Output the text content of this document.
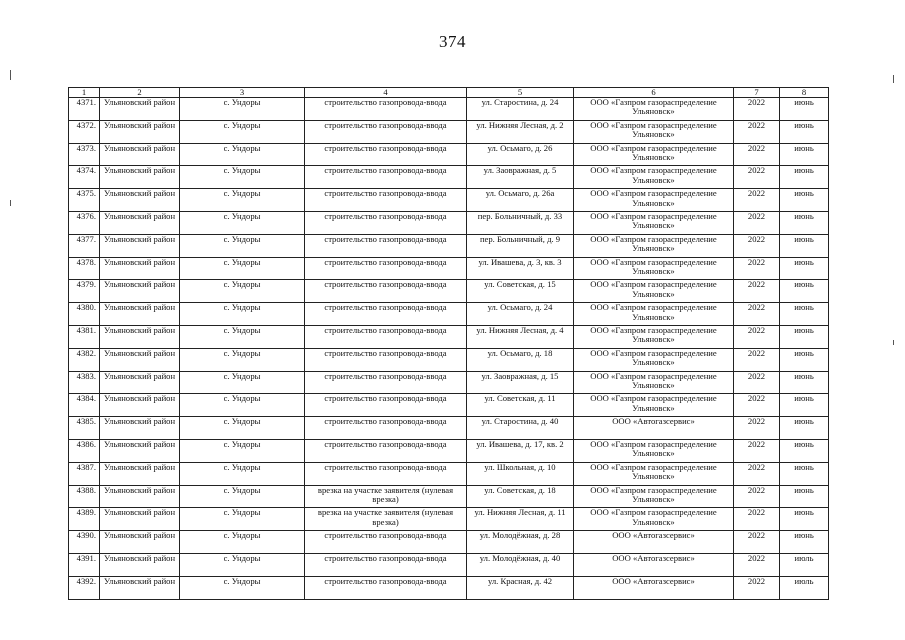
374
1	2	3	4	5	6	7	8
4371.	Ульяновский район	с. Ундоры	строительство газопровода-ввода	ул. Старостина, д. 24	ООО «Газпром газораспределение Ульяновск»	2022	июнь
4372.	Ульяновский район	с. Ундоры	строительство газопровода-ввода	ул. Нижняя Лесная, д. 2	ООО «Газпром газораспределение Ульяновск»	2022	июнь
4373.	Ульяновский район	с. Ундоры	строительство газопровода-ввода	ул. Осьмаго, д. 26	ООО «Газпром газораспределение Ульяновск»	2022	июнь
4374.	Ульяновский район	с. Ундоры	строительство газопровода-ввода	ул. Заовражная, д. 5	ООО «Газпром газораспределение Ульяновск»	2022	июнь
4375.	Ульяновский район	с. Ундоры	строительство газопровода-ввода	ул. Осьмаго, д. 26а	ООО «Газпром газораспределение Ульяновск»	2022	июнь
4376.	Ульяновский район	с. Ундоры	строительство газопровода-ввода	пер. Больничный, д. 33	ООО «Газпром газораспределение Ульяновск»	2022	июнь
4377.	Ульяновский район	с. Ундоры	строительство газопровода-ввода	пер. Больничный, д. 9	ООО «Газпром газораспределение Ульяновск»	2022	июнь
4378.	Ульяновский район	с. Ундоры	строительство газопровода-ввода	ул. Ивашева, д. 3, кв. 3	ООО «Газпром газораспределение Ульяновск»	2022	июнь
4379.	Ульяновский район	с. Ундоры	строительство газопровода-ввода	ул. Советская, д. 15	ООО «Газпром газораспределение Ульяновск»	2022	июнь
4380.	Ульяновский район	с. Ундоры	строительство газопровода-ввода	ул. Осьмаго, д. 24	ООО «Газпром газораспределение Ульяновск»	2022	июнь
4381.	Ульяновский район	с. Ундоры	строительство газопровода-ввода	ул. Нижняя Лесная, д. 4	ООО «Газпром газораспределение Ульяновск»	2022	июнь
4382.	Ульяновский район	с. Ундоры	строительство газопровода-ввода	ул. Осьмаго, д. 18	ООО «Газпром газораспределение Ульяновск»	2022	июнь
4383.	Ульяновский район	с. Ундоры	строительство газопровода-ввода	ул. Заовражная, д. 15	ООО «Газпром газораспределение Ульяновск»	2022	июнь
4384.	Ульяновский район	с. Ундоры	строительство газопровода-ввода	ул. Советская, д. 11	ООО «Газпром газораспределение Ульяновск»	2022	июнь
4385.	Ульяновский район	с. Ундоры	строительство газопровода-ввода	ул. Старостина, д. 40	ООО «Автогазсервис»	2022	июнь
4386.	Ульяновский район	с. Ундоры	строительство газопровода-ввода	ул. Ивашева, д. 17, кв. 2	ООО «Газпром газораспределение Ульяновск»	2022	июнь
4387.	Ульяновский район	с. Ундоры	строительство газопровода-ввода	ул. Школьная, д. 10	ООО «Газпром газораспределение Ульяновск»	2022	июнь
4388.	Ульяновский район	с. Ундоры	врезка на участке заявителя (нулевая врезка)	ул. Советская, д. 18	ООО «Газпром газораспределение Ульяновск»	2022	июнь
4389.	Ульяновский район	с. Ундоры	врезка на участке заявителя (нулевая врезка)	ул. Нижняя Лесная, д. 11	ООО «Газпром газораспределение Ульяновск»	2022	июнь
4390.	Ульяновский район	с. Ундоры	строительство газопровода-ввода	ул. Молодёжная, д. 28	ООО «Автогазсервис»	2022	июнь
4391.	Ульяновский район	с. Ундоры	строительство газопровода-ввода	ул. Молодёжная, д. 40	ООО «Автогазсервис»	2022	июль
4392.	Ульяновский район	с. Ундоры	строительство газопровода-ввода	ул. Красная, д. 42	ООО «Автогазсервис»	2022	июль
